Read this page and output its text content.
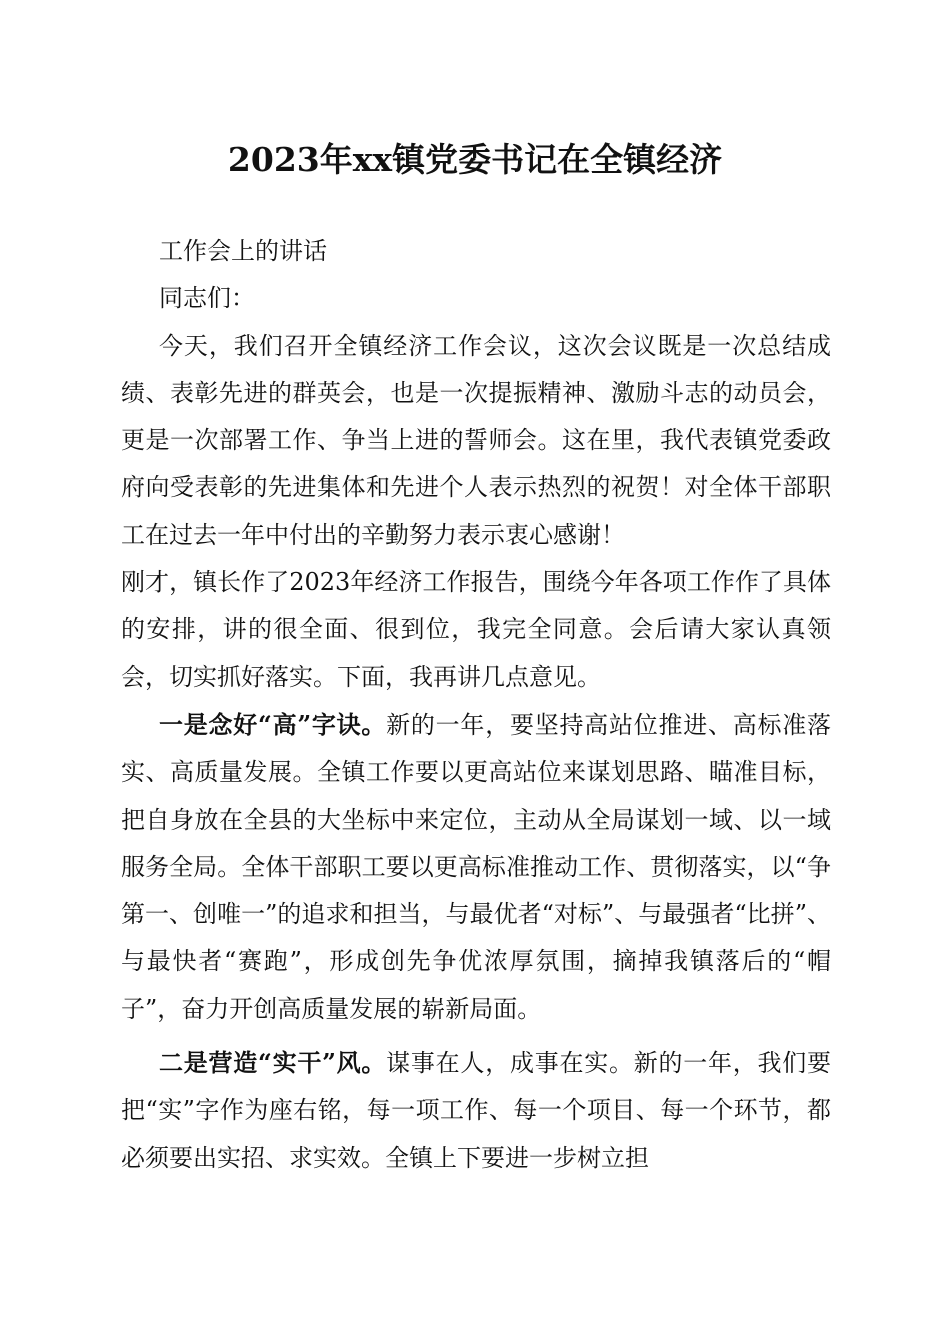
2023年xx镇党委书记在全镇经济

工作会上的讲话

同志们：

今天，我们召开全镇经济工作会议，这次会议既是一次总结成绩、表彰先进的群英会，也是一次提振精神、激励斗志的动员会，更是一次部署工作、争当上进的誓师会。这在里，我代表镇党委政府向受表彰的先进集体和先进个人表示热烈的祝贺！对全体干部职工在过去一年中付出的辛勤努力表示衷心感谢！

刚才，镇长作了2023年经济工作报告，围绕今年各项工作作了具体的安排，讲的很全面、很到位，我完全同意。会后请大家认真领会，切实抓好落实。下面，我再讲几点意见。

一是念好“高”字诀。新的一年，要坚持高站位推进、高标准落实、高质量发展。全镇工作要以更高站位来谋划思路、瞄准目标，把自身放在全县的大坐标中来定位，主动从全局谋划一域、以一域服务全局。全体干部职工要以更高标准推动工作、贯彻落实，以“争第一、创唯一”的追求和担当，与最优者“对标”、与最强者“比拼”、与最快者“赛跑”，形成创先争优浓厚氛围，摘掉我镇落后的“帽子”，奋力开创高质量发展的崭新局面。

二是营造“实干”风。谋事在人，成事在实。新的一年，我们要把“实”字作为座右铭，每一项工作、每一个项目、每一个环节，都必须要出实招、求实效。全镇上下要进一步树立担
